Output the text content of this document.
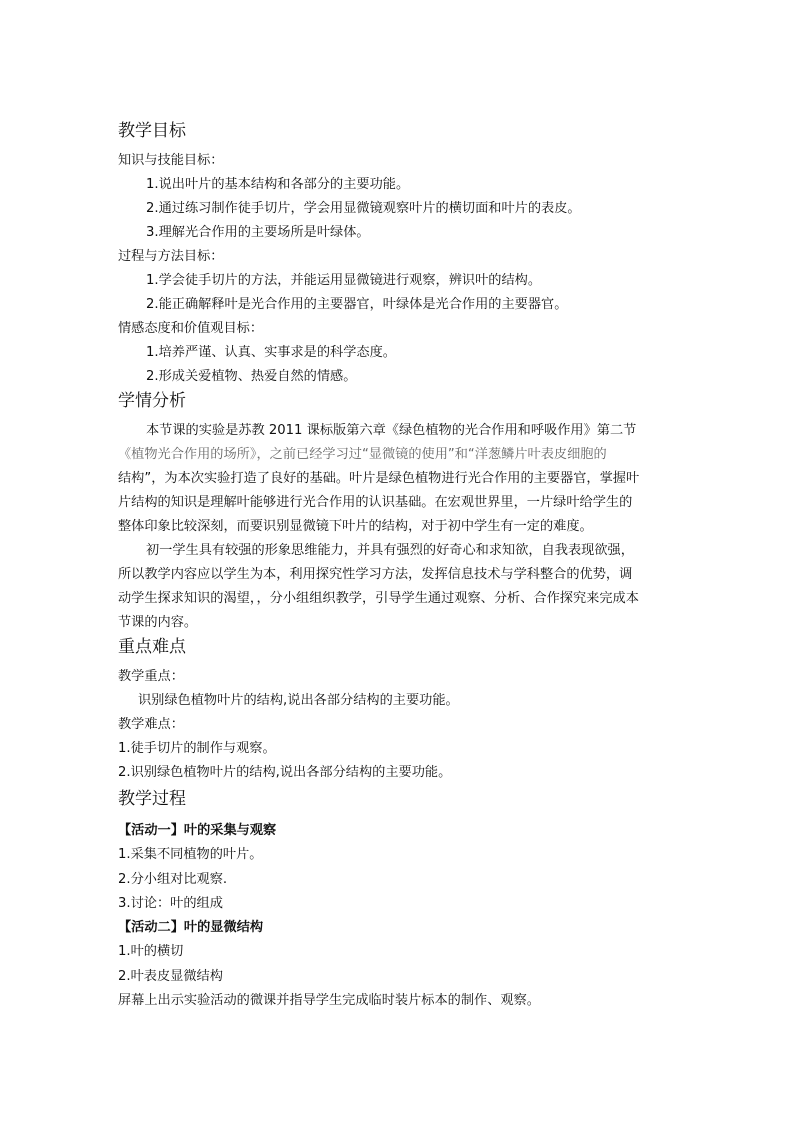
教学目标
知识与技能目标：
1.说出叶片的基本结构和各部分的主要功能。
2.通过练习制作徒手切片，学会用显微镜观察叶片的横切面和叶片的表皮。
3.理解光合作用的主要场所是叶绿体。
过程与方法目标：
1.学会徒手切片的方法，并能运用显微镜进行观察，辨识叶的结构。
2.能正确解释叶是光合作用的主要器官，叶绿体是光合作用的主要器官。
情感态度和价值观目标：
1.培养严谨、认真、实事求是的科学态度。
2.形成关爱植物、热爱自然的情感。
学情分析
本节课的实验是苏教 2011 课标版第六章《绿色植物的光合作用和呼吸作用》第二节
《植物光合作用的场所》，之前已经学习过“显微镜的使用”和“洋葱鳞片叶表皮细胞的
结构”，为本次实验打造了良好的基础。叶片是绿色植物进行光合作用的主要器官，掌握叶
片结构的知识是理解叶能够进行光合作用的认识基础。在宏观世界里，一片绿叶给学生的
整体印象比较深刻，而要识别显微镜下叶片的结构，对于初中学生有一定的难度。
初一学生具有较强的形象思维能力，并具有强烈的好奇心和求知欲，自我表现欲强，
所以教学内容应以学生为本，利用探究性学习方法，发挥信息技术与学科整合的优势，调
动学生探求知识的渴望，，分小组组织教学，引导学生通过观察、分析、合作探究来完成本
节课的内容。
重点难点
教学重点：
识别绿色植物叶片的结构,说出各部分结构的主要功能。
教学难点：
1.徒手切片的制作与观察。
2.识别绿色植物叶片的结构,说出各部分结构的主要功能。
教学过程
【活动一】叶的采集与观察
1.采集不同植物的叶片。
2.分小组对比观察.
3.讨论：叶的组成
【活动二】叶的显微结构
1.叶的横切
2.叶表皮显微结构
屏幕上出示实验活动的微课并指导学生完成临时装片标本的制作、观察。
